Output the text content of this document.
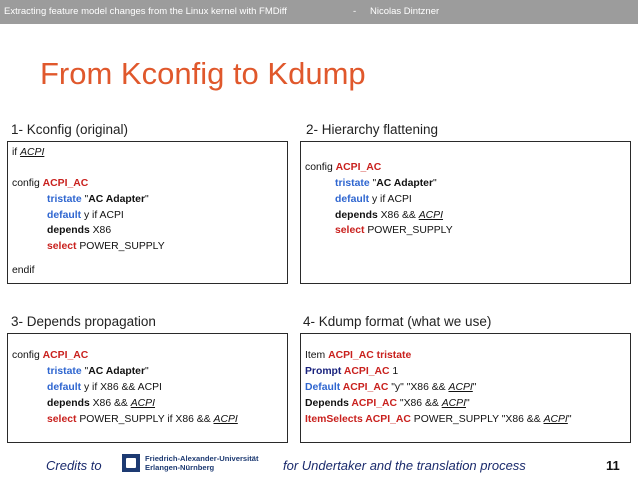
Extracting feature model changes from the Linux kernel with FMDiff	- Nicolas Dintzner
From Kconfig to Kdump
1- Kconfig (original)
if ACPI
config ACPI_AC
tristate "AC Adapter"
default y if ACPI
depends X86
select POWER_SUPPLY
endif
2- Hierarchy flattening
config ACPI_AC
tristate "AC Adapter"
default y if ACPI
depends X86 && ACPI
select POWER_SUPPLY
3- Depends propagation
config ACPI_AC
tristate "AC Adapter"
default y if X86 && ACPI
depends X86 && ACPI
select POWER_SUPPLY if X86 && ACPI
4- Kdump format (what we use)
Item ACPI_AC tristate
Prompt ACPI_AC 1
Default ACPI_AC "y" "X86 && ACPI"
Depends ACPI_AC "X86 && ACPI"
ItemSelects ACPI_AC POWER_SUPPLY "X86 && ACPI"
Credits to	Friedrich-Alexander-Universität
Erlangen-Nürnberg	for Undertaker and the translation process	11
